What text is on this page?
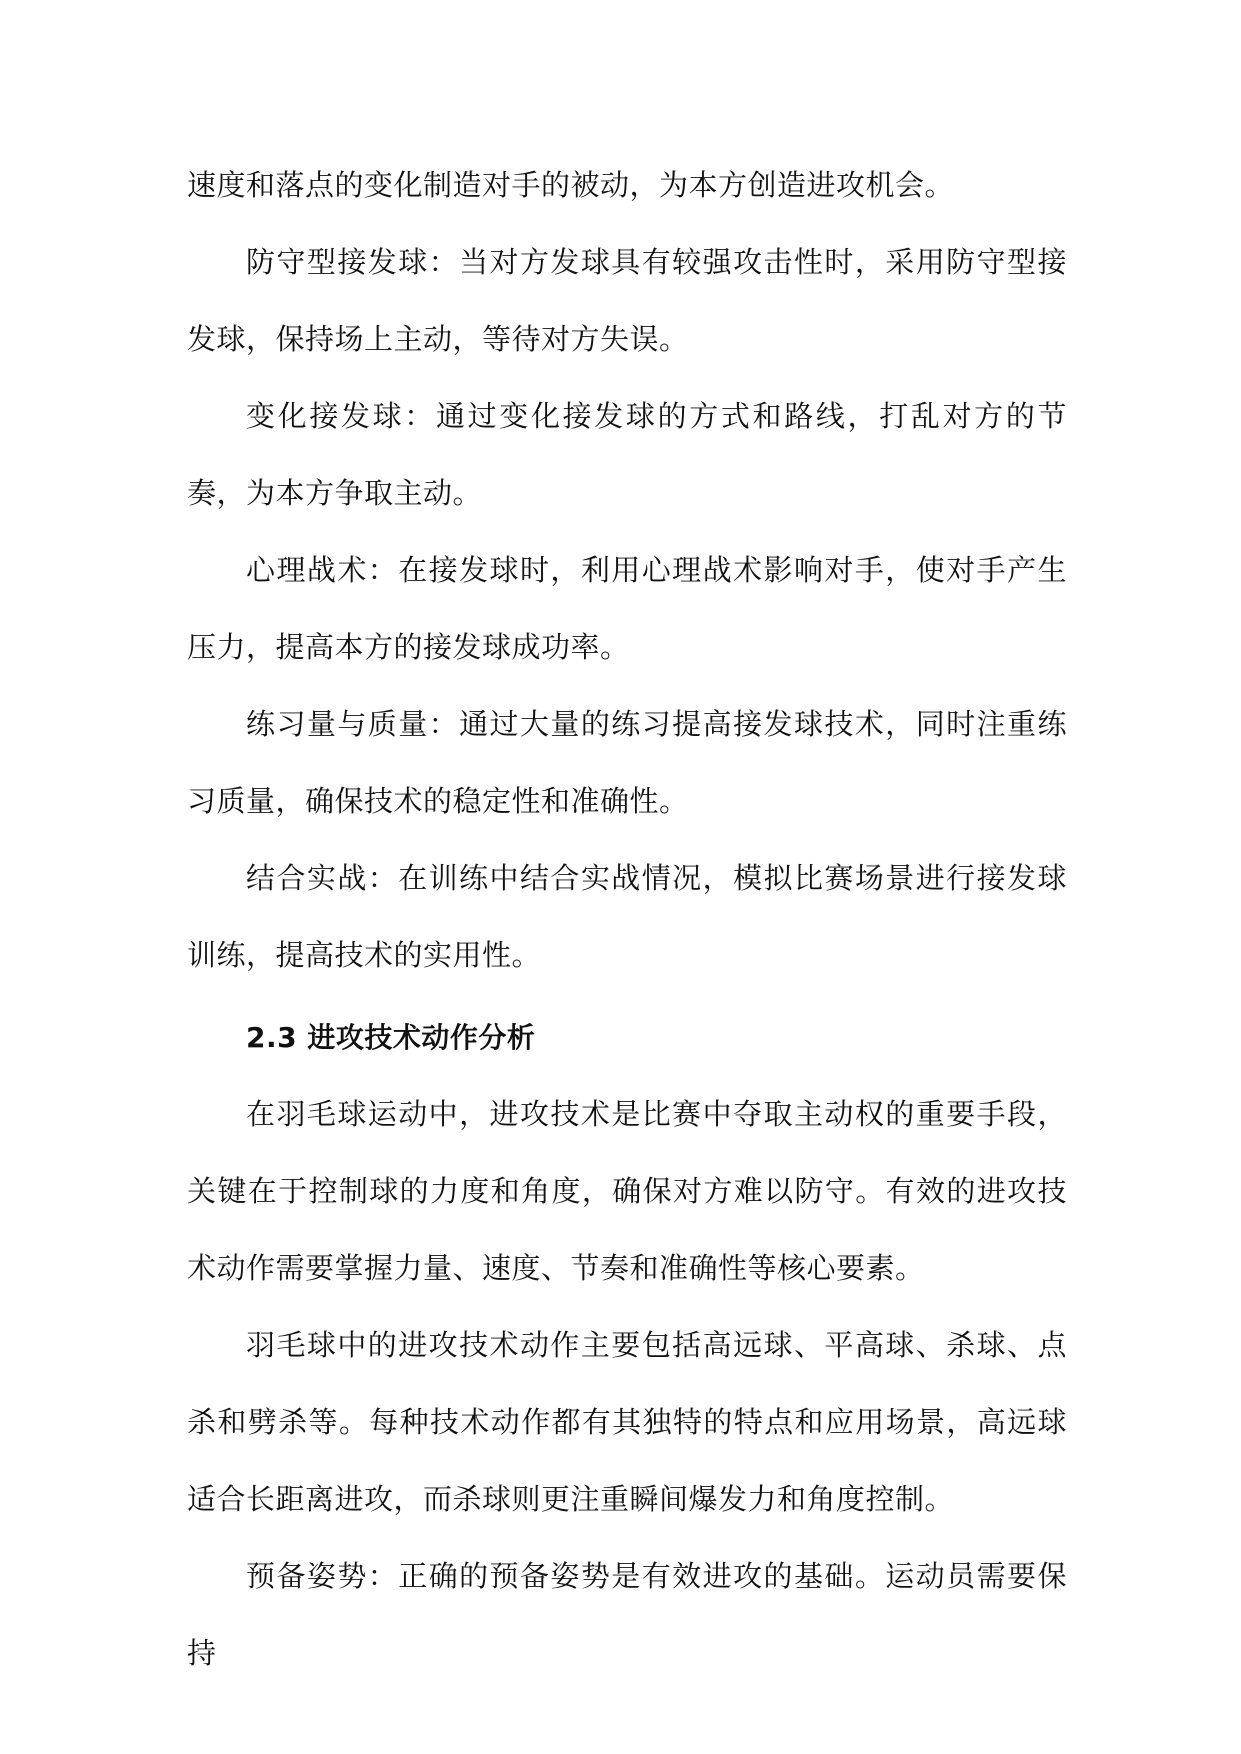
速度和落点的变化制造对手的被动，为本方创造进攻机会。

防守型接发球：当对方发球具有较强攻击性时，采用防守型接发球，保持场上主动，等待对方失误。

变化接发球：通过变化接发球的方式和路线，打乱对方的节奏，为本方争取主动。

心理战术：在接发球时，利用心理战术影响对手，使对手产生压力，提高本方的接发球成功率。

练习量与质量：通过大量的练习提高接发球技术，同时注重练习质量，确保技术的稳定性和准确性。

结合实战：在训练中结合实战情况，模拟比赛场景进行接发球训练，提高技术的实用性。

2.3 进攻技术动作分析

在羽毛球运动中，进攻技术是比赛中夺取主动权的重要手段，关键在于控制球的力度和角度，确保对方难以防守。有效的进攻技术动作需要掌握力量、速度、节奏和准确性等核心要素。

羽毛球中的进攻技术动作主要包括高远球、平高球、杀球、点杀和劈杀等。每种技术动作都有其独特的特点和应用场景，高远球适合长距离进攻，而杀球则更注重瞬间爆发力和角度控制。

预备姿势：正确的预备姿势是有效进攻的基础。运动员需要保持
